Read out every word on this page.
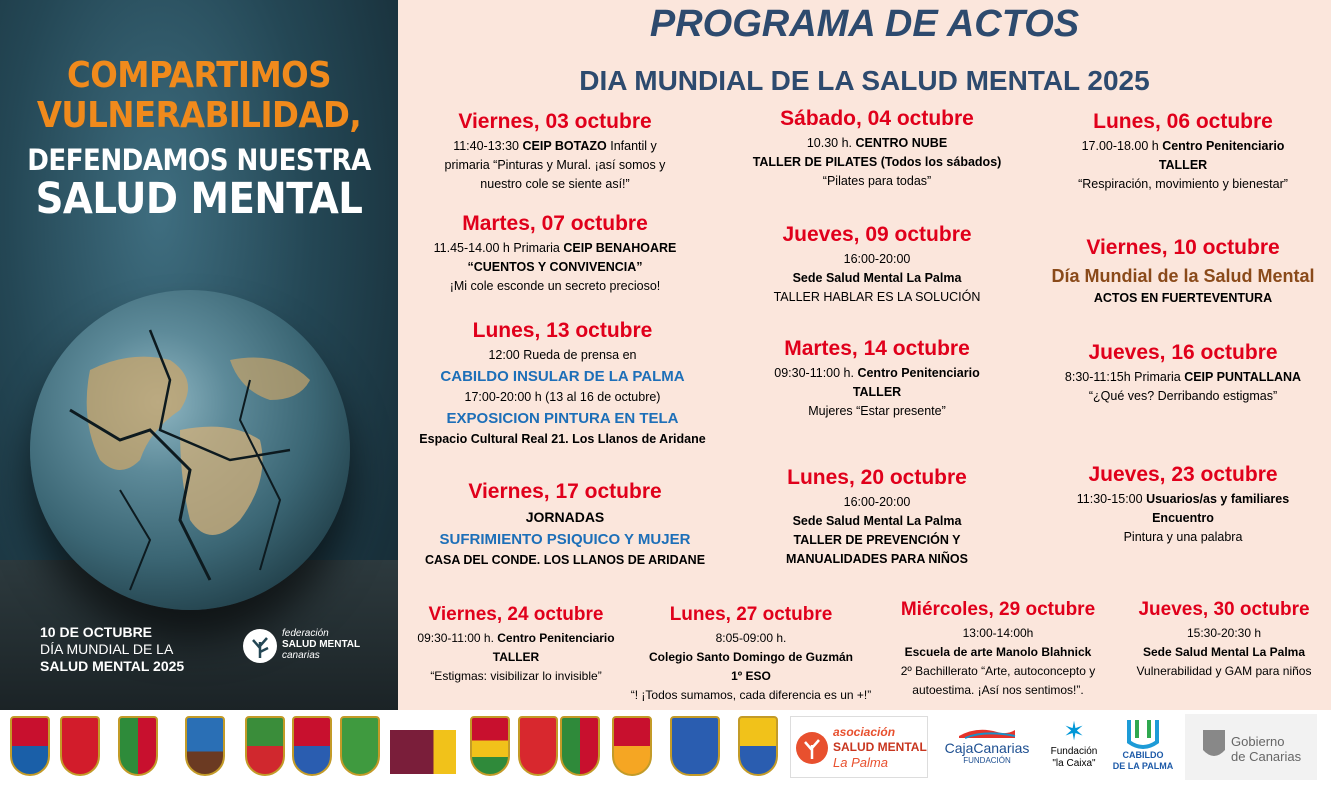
COMPARTIMOS
VULNERABILIDAD,
DEFENDAMOS NUESTRA
SALUD MENTAL
10 DE OCTUBRE
DÍA MUNDIAL DE LA
SALUD MENTAL 2025
federación
SALUD MENTAL
canarias
PROGRAMA DE ACTOS
DIA MUNDIAL DE LA SALUD MENTAL 2025
Viernes, 03 octubre
11:40-13:30 CEIP BOTAZO Infantil y
primaria “Pinturas y Mural. ¡así somos y
nuestro cole se siente así!”
Sábado, 04 octubre
10.30 h. CENTRO NUBE
TALLER DE PILATES (Todos los sábados)
“Pilates para todas”
Lunes, 06 octubre
17.00-18.00 h Centro Penitenciario
TALLER
“Respiración, movimiento y bienestar”
Martes, 07 octubre
11.45-14.00 h Primaria CEIP BENAHOARE
“CUENTOS Y CONVIVENCIA”
¡Mi cole esconde un secreto precioso!
Jueves, 09 octubre
16:00-20:00
Sede Salud Mental La Palma
TALLER HABLAR ES LA SOLUCIÓN
Viernes, 10 octubre
Día Mundial de la Salud Mental
ACTOS EN FUERTEVENTURA
Lunes, 13 octubre
12:00 Rueda de prensa en
CABILDO INSULAR DE LA PALMA
17:00-20:00 h (13 al 16 de octubre)
EXPOSICION PINTURA EN TELA
Espacio Cultural Real 21. Los Llanos de Aridane
Martes, 14 octubre
09:30-11:00 h. Centro Penitenciario
TALLER
Mujeres “Estar presente”
Jueves, 16 octubre
8:30-11:15h Primaria CEIP PUNTALLANA
“¿Qué ves? Derribando estigmas”
Viernes, 17 octubre
JORNADAS
SUFRIMIENTO PSIQUICO Y MUJER
CASA DEL CONDE. LOS LLANOS DE ARIDANE
Lunes, 20 octubre
16:00-20:00
Sede Salud Mental La Palma
TALLER DE PREVENCIÓN Y
MANUALIDADES PARA NIÑOS
Jueves, 23 octubre
11:30-15:00 Usuarios/as y familiares
Encuentro
Pintura y una palabra
Viernes, 24 octubre
09:30-11:00 h. Centro Penitenciario
TALLER
“Estigmas: visibilizar lo invisible”
Lunes, 27 octubre
8:05-09:00 h.
Colegio Santo Domingo de Guzmán
1º ESO
“! ¡Todos sumamos, cada diferencia es un +!”
Miércoles, 29 octubre
13:00-14:00h
Escuela de arte Manolo Blahnick
2º Bachillerato “Arte, autoconcepto y
autoestima. ¡Así nos sentimos!”.
Jueves, 30 octubre
15:30-20:30 h
Sede Salud Mental La Palma
Vulnerabilidad y GAM para niños
asociación
SALUD MENTAL
La Palma
CajaCanarias
FUNDACIÓN
✶
Fundación
"la Caixa"
CABILDO
DE LA PALMA
Gobierno
de Canarias
